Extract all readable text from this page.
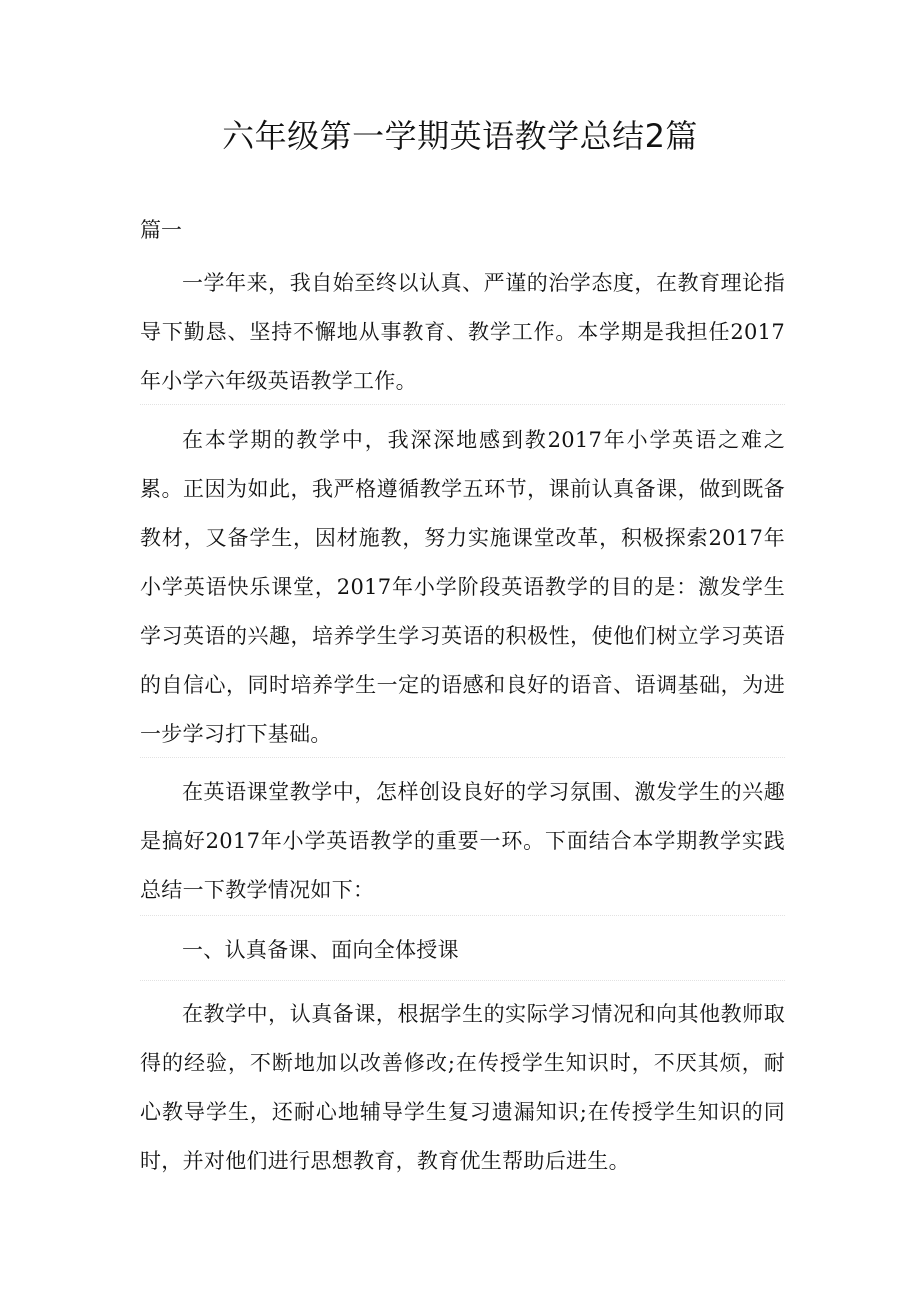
六年级第一学期英语教学总结2篇

篇一

一学年来，我自始至终以认真、严谨的治学态度，在教育理论指导下勤恳、坚持不懈地从事教育、教学工作。本学期是我担任2017年小学六年级英语教学工作。

在本学期的教学中，我深深地感到教2017年小学英语之难之累。正因为如此，我严格遵循教学五环节，课前认真备课，做到既备教材，又备学生，因材施教，努力实施课堂改革，积极探索2017年小学英语快乐课堂，2017年小学阶段英语教学的目的是：激发学生学习英语的兴趣，培养学生学习英语的积极性，使他们树立学习英语的自信心，同时培养学生一定的语感和良好的语音、语调基础，为进一步学习打下基础。

在英语课堂教学中，怎样创设良好的学习氛围、激发学生的兴趣是搞好2017年小学英语教学的重要一环。下面结合本学期教学实践总结一下教学情况如下：

一、认真备课、面向全体授课

在教学中，认真备课，根据学生的实际学习情况和向其他教师取得的经验，不断地加以改善修改;在传授学生知识时，不厌其烦，耐心教导学生，还耐心地辅导学生复习遗漏知识;在传授学生知识的同时，并对他们进行思想教育，教育优生帮助后进生。
